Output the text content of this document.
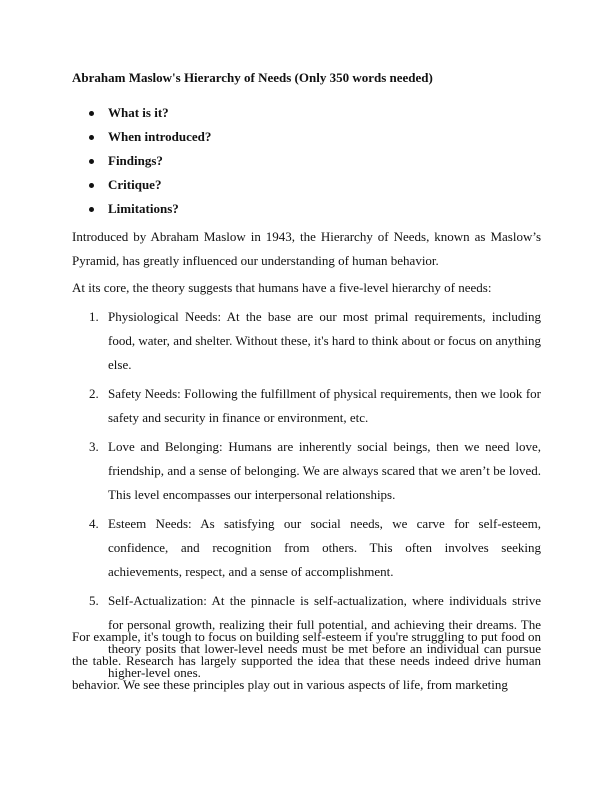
Abraham Maslow's Hierarchy of Needs (Only 350 words needed)
What is it?
When introduced?
Findings?
Critique?
Limitations?

Introduced by Abraham Maslow in 1943, the Hierarchy of Needs, known as Maslow’s Pyramid, has greatly influenced our understanding of human behavior.

At its core, the theory suggests that humans have a five-level hierarchy of needs:

1. Physiological Needs: At the base are our most primal requirements, including food, water, and shelter. Without these, it's hard to think about or focus on anything else.
2. Safety Needs: Following the fulfillment of physical requirements, then we look for safety and security in finance or environment, etc.
3. Love and Belonging: Humans are inherently social beings, then we need love, friendship, and a sense of belonging. We are always scared that we aren’t be loved. This level encompasses our interpersonal relationships.
4. Esteem Needs: As satisfying our social needs, we carve for self-esteem, confidence, and recognition from others. This often involves seeking achievements, respect, and a sense of accomplishment.
5. Self-Actualization: At the pinnacle is self-actualization, where individuals strive for personal growth, realizing their full potential, and achieving their dreams. The theory posits that lower-level needs must be met before an individual can pursue higher-level ones.

For example, it's tough to focus on building self-esteem if you're struggling to put food on the table. Research has largely supported the idea that these needs indeed drive human behavior. We see these principles play out in various aspects of life, from marketing
